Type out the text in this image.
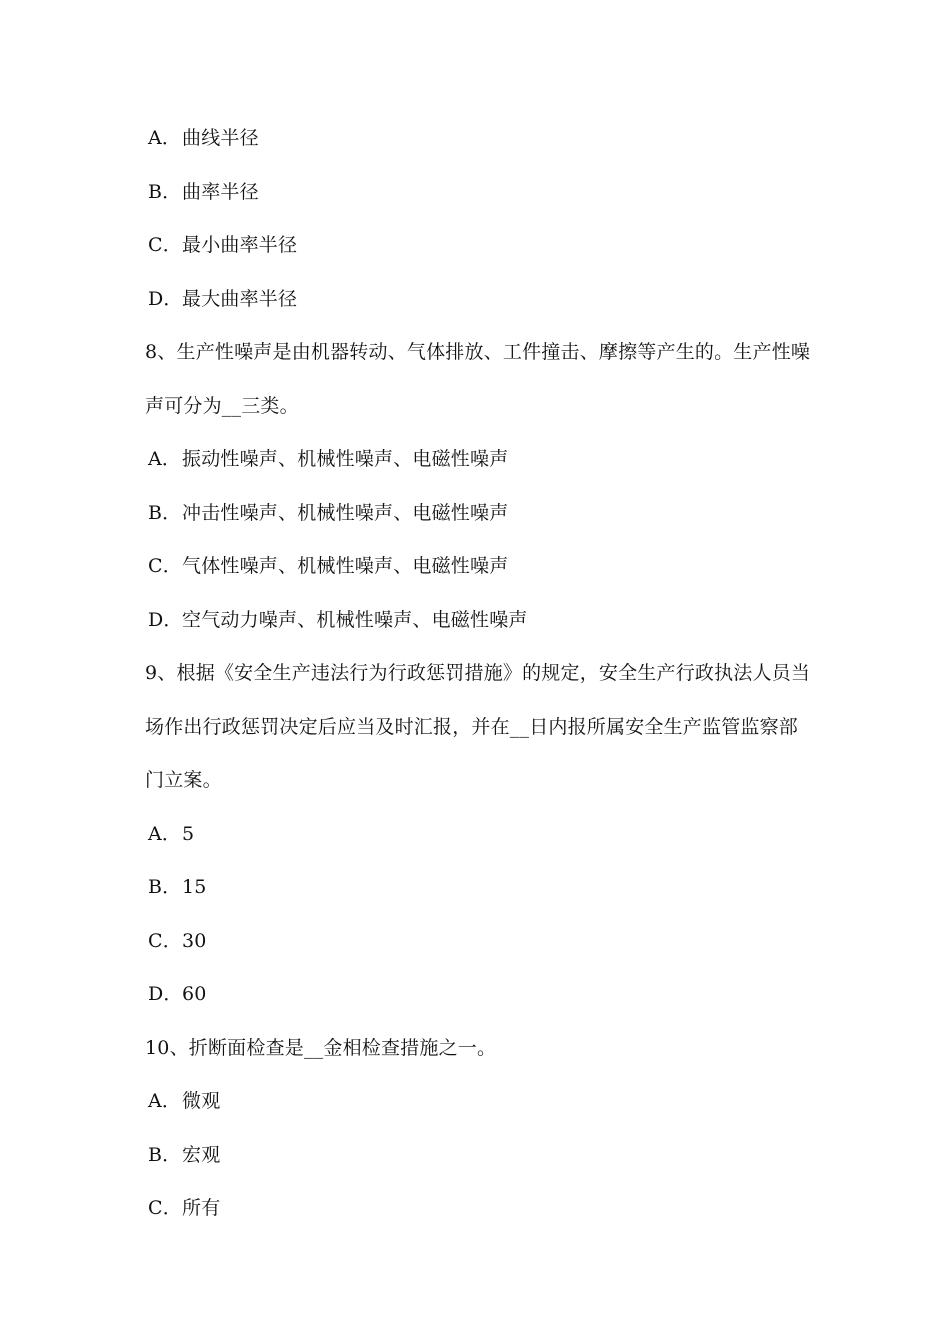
A．曲线半径
B．曲率半径
C．最小曲率半径
D．最大曲率半径
8、生产性噪声是由机器转动、气体排放、工件撞击、摩擦等产生的。生产性噪
声可分为__三类。
A．振动性噪声、机械性噪声、电磁性噪声
B．冲击性噪声、机械性噪声、电磁性噪声
C．气体性噪声、机械性噪声、电磁性噪声
D．空气动力噪声、机械性噪声、电磁性噪声
9、根据《安全生产违法行为行政惩罚措施》的规定，安全生产行政执法人员当
场作出行政惩罚决定后应当及时汇报，并在__日内报所属安全生产监管监察部
门立案。
A．5
B．15
C．30
D．60
10、折断面检查是__金相检查措施之一。
A．微观
B．宏观
C．所有
